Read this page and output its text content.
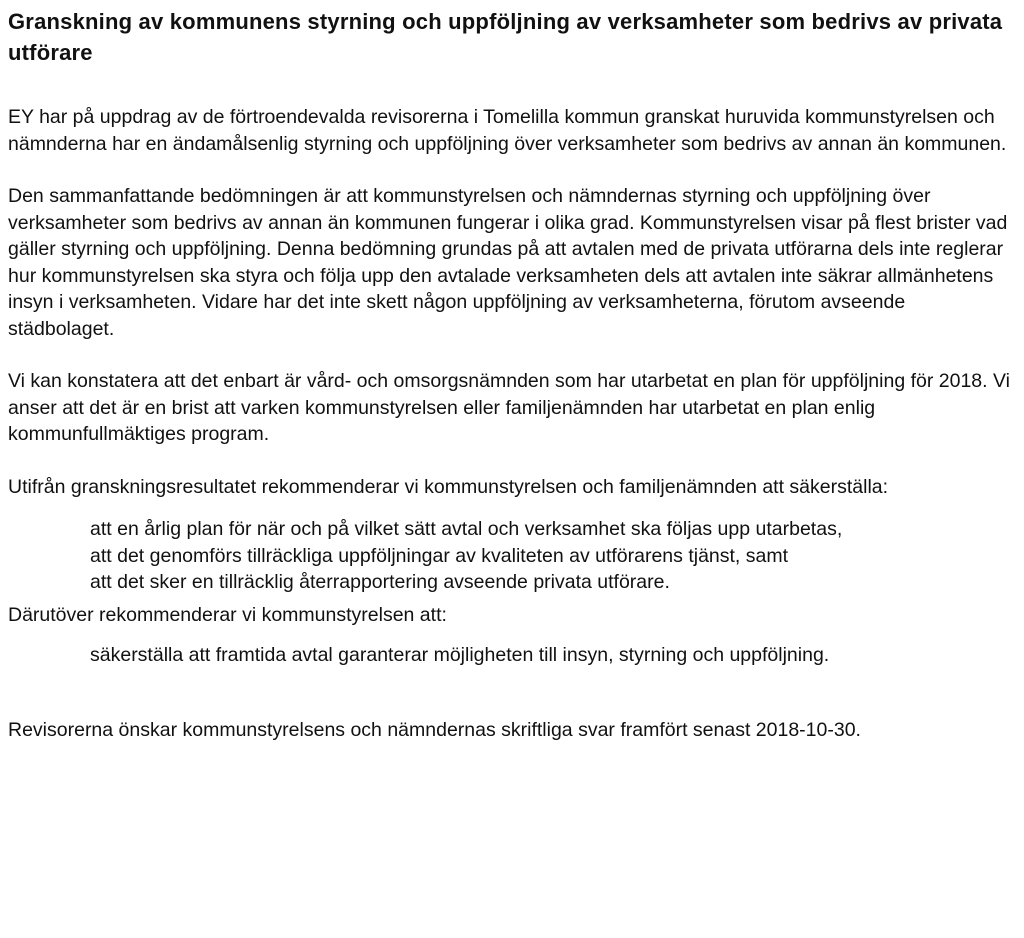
Granskning av kommunens styrning och uppföljning av verksamheter som bedrivs av privata utförare

EY har på uppdrag av de förtroendevalda revisorerna i Tomelilla kommun granskat huruvida kommunstyrelsen och nämnderna har en ändamålsenlig styrning och uppföljning över verksamheter som bedrivs av annan än kommunen.

Den sammanfattande bedömningen är att kommunstyrelsen och nämndernas styrning och uppföljning över verksamheter som bedrivs av annan än kommunen fungerar i olika grad. Kommunstyrelsen visar på flest brister vad gäller styrning och uppföljning. Denna bedömning grundas på att avtalen med de privata utförarna dels inte reglerar hur kommunstyrelsen ska styra och följa upp den avtalade verksamheten dels att avtalen inte säkrar allmänhetens insyn i verksamheten. Vidare har det inte skett någon uppföljning av verksamheterna, förutom avseende städbolaget.

Vi kan konstatera att det enbart är vård- och omsorgsnämnden som har utarbetat en plan för uppföljning för 2018. Vi anser att det är en brist att varken kommunstyrelsen eller familjenämnden har utarbetat en plan enlig kommunfullmäktiges program.

Utifrån granskningsresultatet rekommenderar vi kommunstyrelsen och familjenämnden att säkerställa:

att en årlig plan för när och på vilket sätt avtal och verksamhet ska följas upp utarbetas,
att det genomförs tillräckliga uppföljningar av kvaliteten av utförarens tjänst, samt
att det sker en tillräcklig återrapportering avseende privata utförare.

Därutöver rekommenderar vi kommunstyrelsen att:

säkerställa att framtida avtal garanterar möjligheten till insyn, styrning och uppföljning.

Revisorerna önskar kommunstyrelsens och nämndernas skriftliga svar framfört senast 2018-10-30.
